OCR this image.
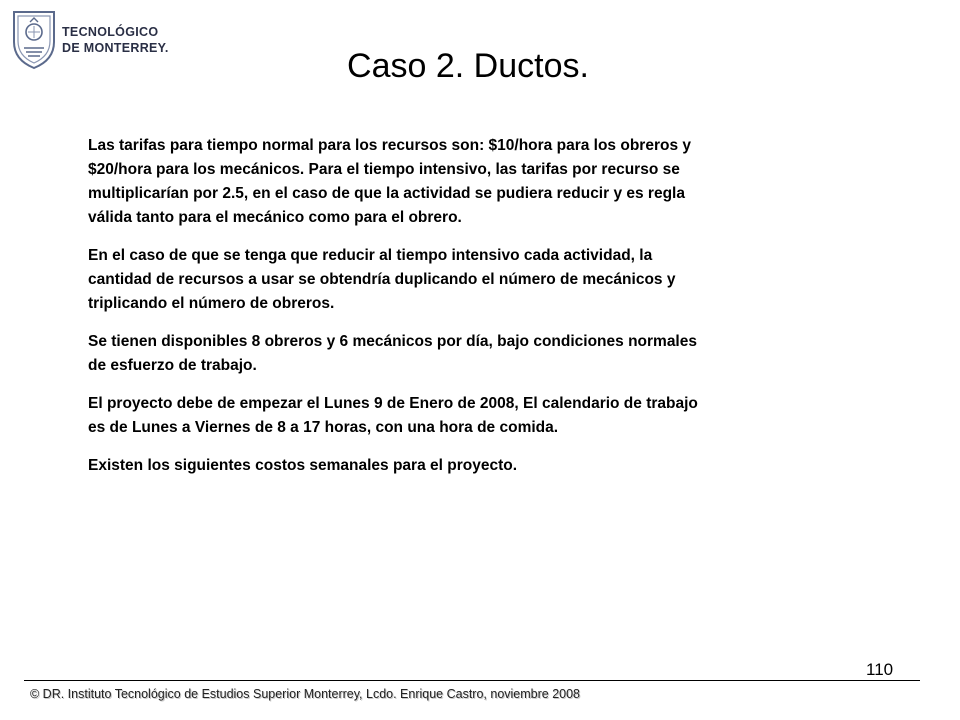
TECNOLÓGICO
DE MONTERREY.	Caso 2. Ductos.

Las tarifas para tiempo normal para los recursos son: $10/hora para los obreros y
$20/hora para los mecánicos. Para el tiempo intensivo, las tarifas por recurso se
multiplicarían por 2.5, en el caso de que la actividad se pudiera reducir y es regla
válida tanto para el mecánico como para el obrero.

En el caso de que se tenga que reducir al tiempo intensivo cada actividad, la
cantidad de recursos a usar se obtendría duplicando el número de mecánicos y
triplicando el número de obreros.

Se tienen disponibles 8 obreros y 6 mecánicos por día, bajo condiciones normales
de esfuerzo de trabajo.

El proyecto debe de empezar el Lunes 9 de Enero de 2008, El calendario de trabajo
es de Lunes a Viernes de 8 a 17 horas, con una hora de comida.

Existen los siguientes costos semanales para el proyecto.

110
© DR. Instituto Tecnológico de Estudios Superior Monterrey, Lcdo. Enrique Castro, noviembre 2008
